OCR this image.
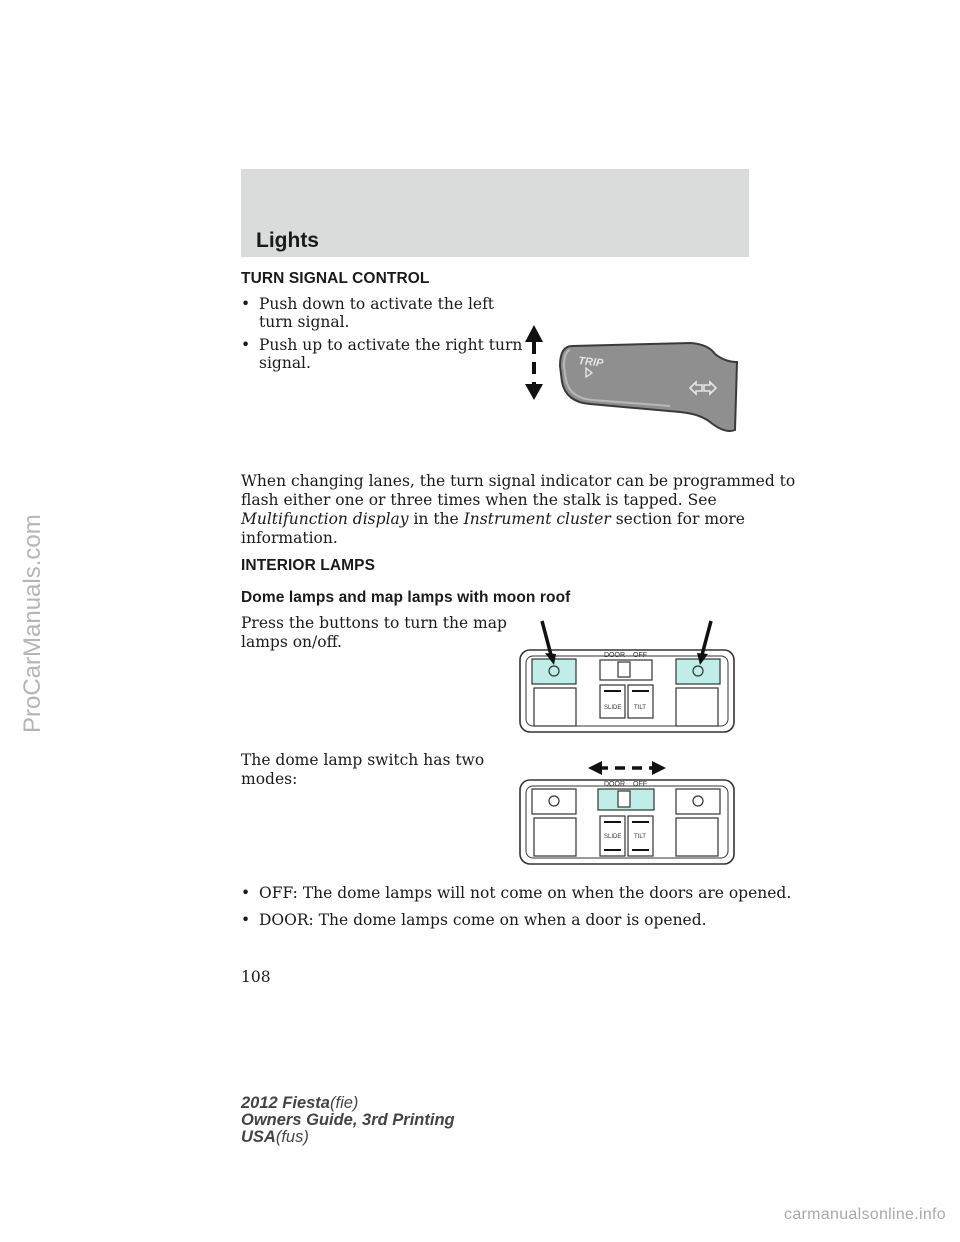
ProCarManuals.com
Lights
TURN SIGNAL CONTROL
• Push down to activate the left
turn signal.
• Push up to activate the right turn
signal.	TRIP
When changing lanes, the turn signal indicator can be programmed to
flash either one or three times when the stalk is tapped. See
Multifunction display in the Instrument cluster section for more
information.
INTERIOR LAMPS
Dome lamps and map lamps with moon roof
Press the buttons to turn the map
lamps on/off.
DOOR OFF
SLIDE TILT
The dome lamp switch has two
modes:	DOOR OFF
SLIDE TILT
• OFF: The dome lamps will not come on when the doors are opened.
• DOOR: The dome lamps come on when a door is opened.
108
2012 Fiesta(fie)
Owners Guide, 3rd Printing
USA(fus)
carmanualsonline.info
